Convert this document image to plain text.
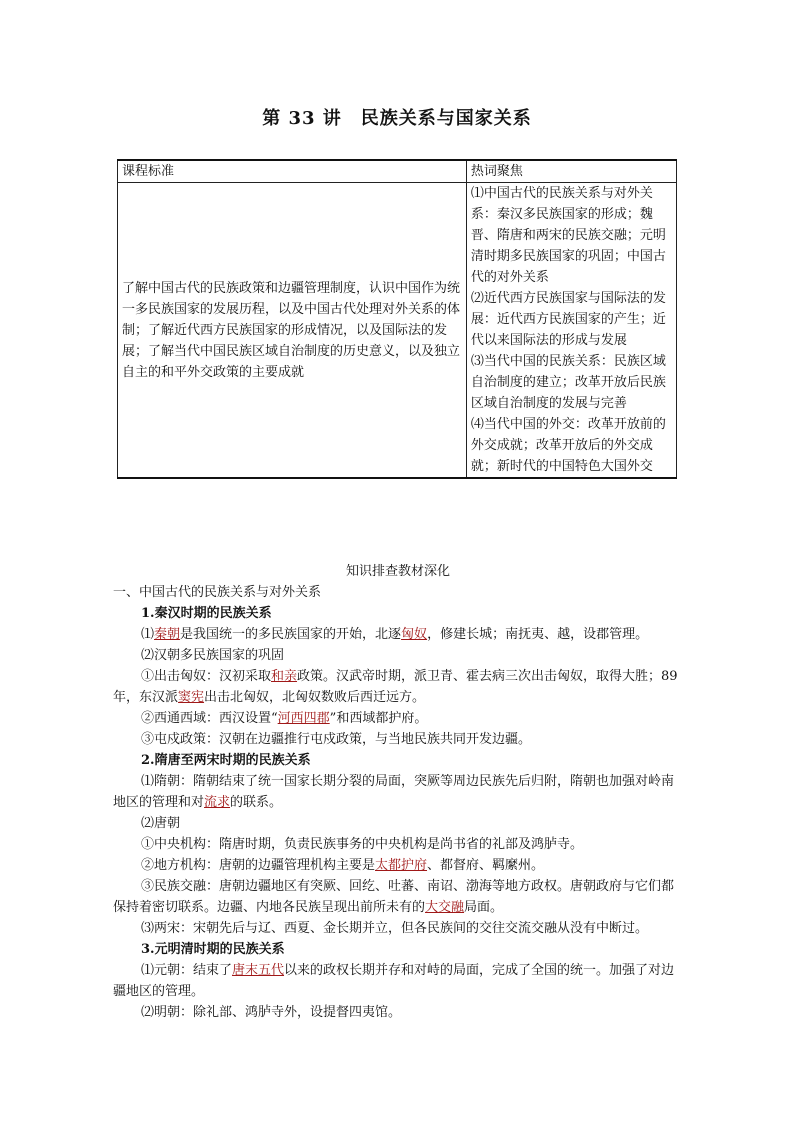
第 33 讲　民族关系与国家关系
课程标准	热词聚焦
了解中国古代的民族政策和边疆管理制度，认识中国作为统一多民族国家的发展历程，以及中国古代处理对外关系的体制；了解近代西方民族国家的形成情况，以及国际法的发展；了解当代中国民族区域自治制度的历史意义，以及独立自主的和平外交政策的主要成就	⑴中国古代的民族关系与对外关系：秦汉多民族国家的形成；魏晋、隋唐和两宋的民族交融；元明清时期多民族国家的巩固；中国古代的对外关系
⑵近代西方民族国家与国际法的发展：近代西方民族国家的产生；近代以来国际法的形成与发展
⑶当代中国的民族关系：民族区域自治制度的建立；改革开放后民族区域自治制度的发展与完善
⑷当代中国的外交：改革开放前的外交成就；改革开放后的外交成就；新时代的中国特色大国外交
知识排查教材深化

一、中国古代的民族关系与对外关系

1.秦汉时期的民族关系

⑴秦朝是我国统一的多民族国家的开始，北逐匈奴，修建长城；南抚夷、越，设郡管理。

⑵汉朝多民族国家的巩固

①出击匈奴：汉初采取和亲政策。汉武帝时期，派卫青、霍去病三次出击匈奴，取得大胜；89年，东汉派窦宪出击北匈奴，北匈奴数败后西迁远方。

②西通西域：西汉设置“河西四郡”和西域都护府。

③屯戍政策：汉朝在边疆推行屯戍政策，与当地民族共同开发边疆。

2.隋唐至两宋时期的民族关系

⑴隋朝：隋朝结束了统一国家长期分裂的局面，突厥等周边民族先后归附，隋朝也加强对岭南地区的管理和对流求的联系。

⑵唐朝

①中央机构：隋唐时期，负责民族事务的中央机构是尚书省的礼部及鸿胪寺。

②地方机构：唐朝的边疆管理机构主要是太都护府、都督府、羁縻州。

③民族交融：唐朝边疆地区有突厥、回纥、吐蕃、南诏、渤海等地方政权。唐朝政府与它们都保持着密切联系。边疆、内地各民族呈现出前所未有的大交融局面。

⑶两宋：宋朝先后与辽、西夏、金长期并立，但各民族间的交往交流交融从没有中断过。

3.元明清时期的民族关系

⑴元朝：结束了唐末五代以来的政权长期并存和对峙的局面，完成了全国的统一。加强了对边疆地区的管理。

⑵明朝：除礼部、鸿胪寺外，设提督四夷馆。
